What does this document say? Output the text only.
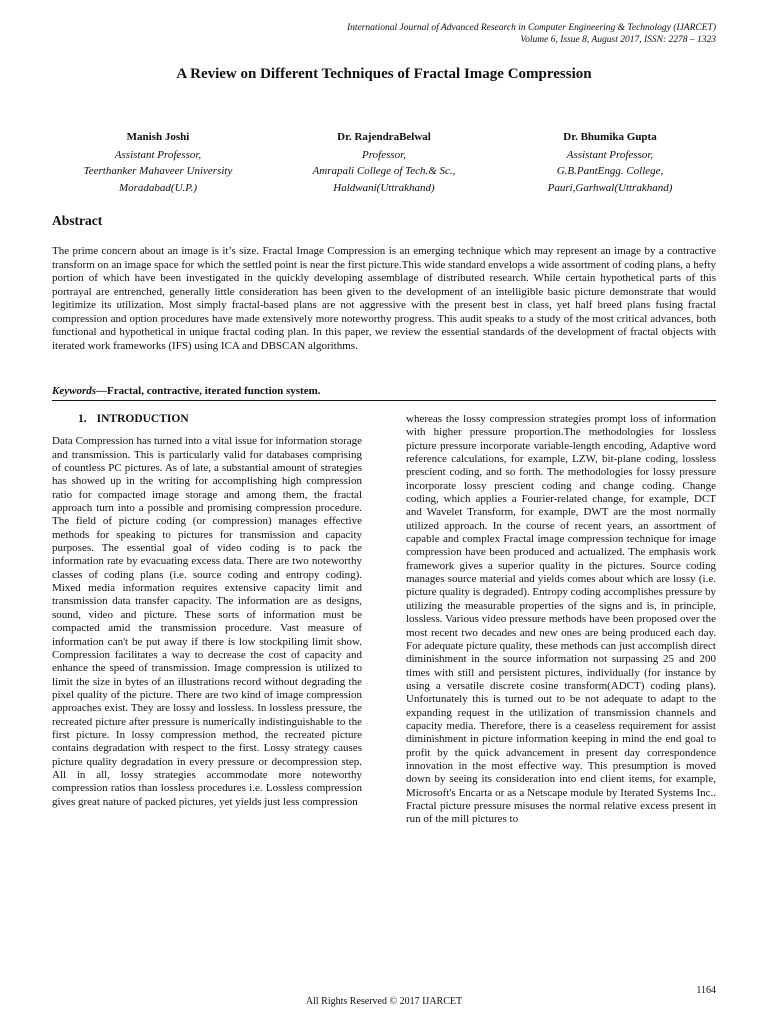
International Journal of Advanced Research in Computer Engineering & Technology (IJARCET)
Volume 6, Issue 8, August 2017, ISSN: 2278 – 1323
A Review on Different Techniques of Fractal Image Compression
Manish Joshi
Assistant Professor,
Teerthanker Mahaveer University
Moradabad(U.P.)
Dr. RajendraBelwal
Professor,
Amrapali College of Tech.& Sc.,
Haldwani(Uttrakhand)
Dr. Bhumika Gupta
Assistant Professor,
G.B.PantEngg. College,
Pauri,Garhwal(Uttrakhand)
Abstract
The prime concern about an image is it’s size. Fractal Image Compression is an emerging technique which may represent an image by a contractive transform on an image space for which the settled point is near the first picture.This wide standard envelops a wide assortment of coding plans, a hefty portion of which have been investigated in the quickly developing assemblage of distributed research. While certain hypothetical parts of this portrayal are entrenched, generally little consideration has been given to the development of an intelligible basic picture demonstrate that would legitimize its utilization. Most simply fractal-based plans are not aggressive with the present best in class, yet half breed plans fusing fractal compression and option procedures have made extensively more noteworthy progress. This audit speaks to a study of the most critical advances, both functional and hypothetical in unique fractal coding plan. In this paper, we review the essential standards of the development of fractal objects with iterated work frameworks (IFS) using ICA and DBSCAN algorithms.
Keywords—Fractal, contractive, iterated function system.
1. INTRODUCTION

Data Compression has turned into a vital issue for information storage and transmission. This is particularly valid for databases comprising of countless PC pictures. As of late, a substantial amount of strategies has showed up in the writing for accomplishing high compression ratio for compacted image storage and among them, the fractal approach turn into a possible and promising compression procedure. The field of picture coding (or compression) manages effective methods for speaking to pictures for transmission and capacity purposes. The essential goal of video coding is to pack the information rate by evacuating excess data. There are two noteworthy classes of coding plans (i.e. source coding and entropy coding). Mixed media information requires extensive capacity limit and transmission data transfer capacity. The information are as designs, sound, video and picture. These sorts of information must be compacted amid the transmission procedure. Vast measure of information can't be put away if there is low stockpiling limit show. Compression facilitates a way to decrease the cost of capacity and enhance the speed of transmission. Image compression is utilized to limit the size in bytes of an illustrations record without degrading the pixel quality of the picture. There are two kind of image compression approaches exist. They are lossy and lossless. In lossless pressure, the recreated picture after pressure is numerically indistinguishable to the first picture. In lossy compression method, the recreated picture contains degradation with respect to the first. Lossy strategy causes picture quality degradation in every pressure or decompression step. All in all, lossy strategies accommodate more noteworthy compression ratios than lossless procedures i.e. Lossless compression gives great nature of packed pictures, yet yields just less compression

whereas the lossy compression strategies prompt loss of information with higher pressure proportion.The methodologies for lossless picture pressure incorporate variable-length encoding, Adaptive word reference calculations, for example, LZW, bit-plane coding, lossless prescient coding, and so forth. The methodologies for lossy pressure incorporate lossy prescient coding and change coding. Change coding, which applies a Fourier-related change, for example, DCT and Wavelet Transform, for example, DWT are the most normally utilized approach. In the course of recent years, an assortment of capable and complex Fractal image compression technique for image compression have been produced and actualized. The emphasis work framework gives a superior quality in the pictures. Source coding manages source material and yields comes about which are lossy (i.e. picture quality is degraded). Entropy coding accomplishes pressure by utilizing the measurable properties of the signs and is, in principle, lossless. Various video pressure methods have been proposed over the most recent two decades and new ones are being produced each day. For adequate picture quality, these methods can just accomplish direct diminishment in the source information not surpassing 25 and 200 times with still and persistent pictures, individually (for instance by using a versatile discrete cosine transform(ADCT) coding plans). Unfortunately this is turned out to be not adequate to adapt to the expanding request in the utilization of transmission channels and capacity media. Therefore, there is a ceaseless requirement for assist diminishment in picture information keeping in mind the end goal to profit by the quick advancement in present day correspondence innovation in the most effective way. This presumption is moved down by seeing its consideration into end client items, for example, Microsoft's Encarta or as a Netscape module by Iterated Systems Inc.. Fractal picture pressure misuses the normal relative excess present in run of the mill pictures to

1164
All Rights Reserved © 2017 IJARCET
